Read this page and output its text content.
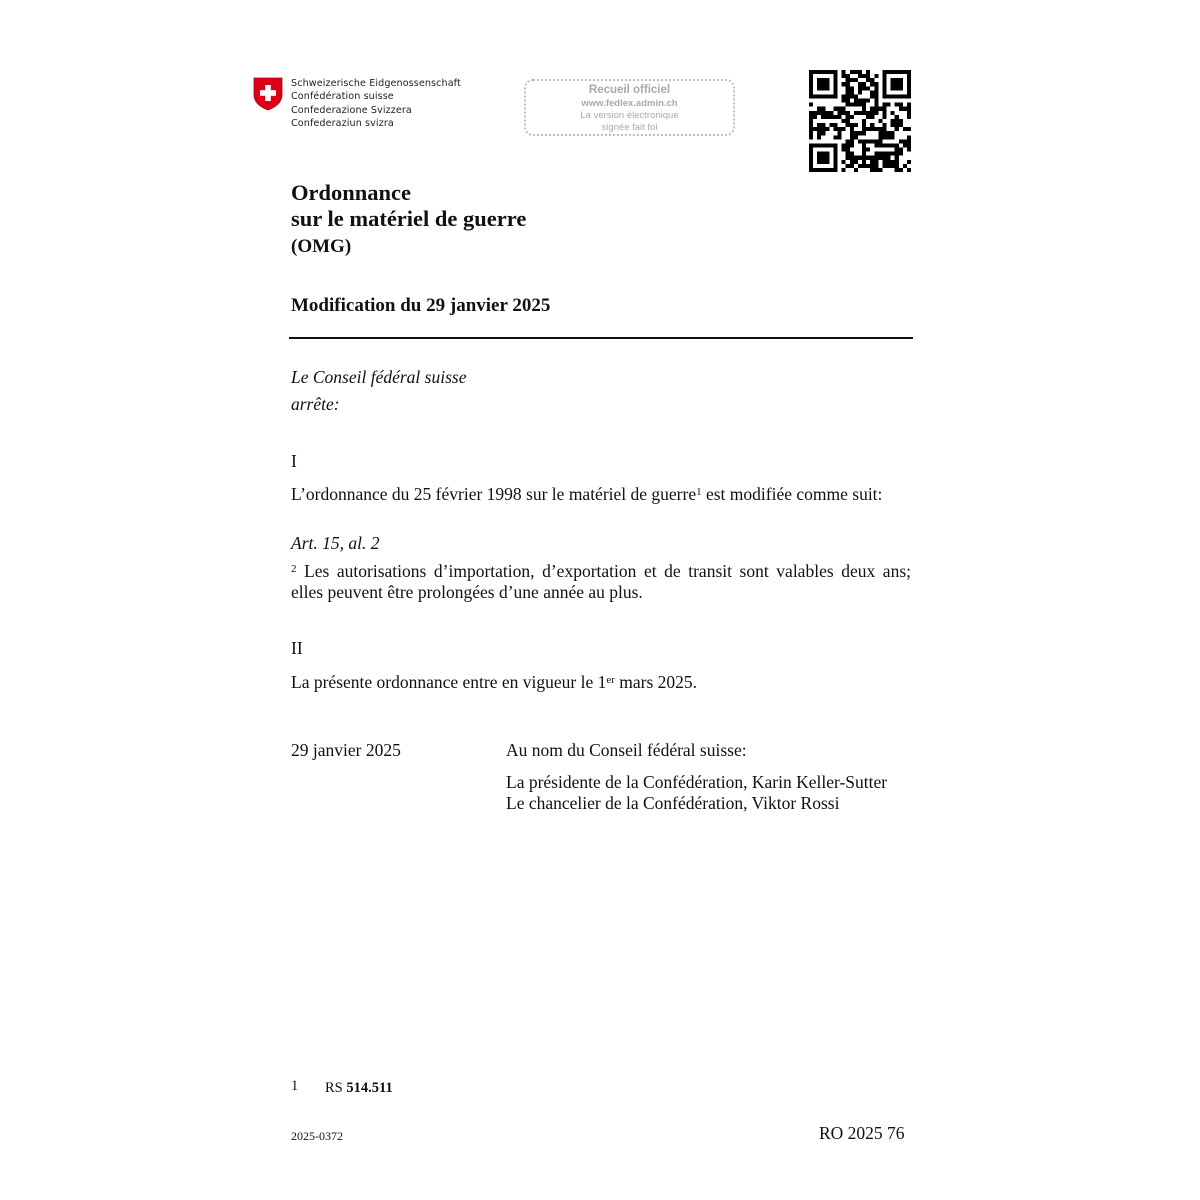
Schweizerische Eidgenossenschaft
Confédération suisse
Confederazione Svizzera
Confederaziun svizra
Recueil officiel
www.fedlex.admin.ch
La version électronique
signée fait foi
Ordonnance
sur le matériel de guerre
(OMG)
Modification du 29 janvier 2025
Le Conseil fédéral suisse
arrête:
I
L’ordonnance du 25 février 1998 sur le matériel de guerre$^1$ est modifiée comme suit:
Art. 15, al. 2
$^2$ Les autorisations d’importation, d’exportation et de transit sont valables deux ans; elles peuvent être prolongées d’une année au plus.
II
La présente ordonnance entre en vigueur le 1er mars 2025.
29 janvier 2025	Au nom du Conseil fédéral suisse:
La présidente de la Confédération, Karin Keller-Sutter
Le chancelier de la Confédération, Viktor Rossi
1 RS 514.511
2025-0372	RO 2025 76
